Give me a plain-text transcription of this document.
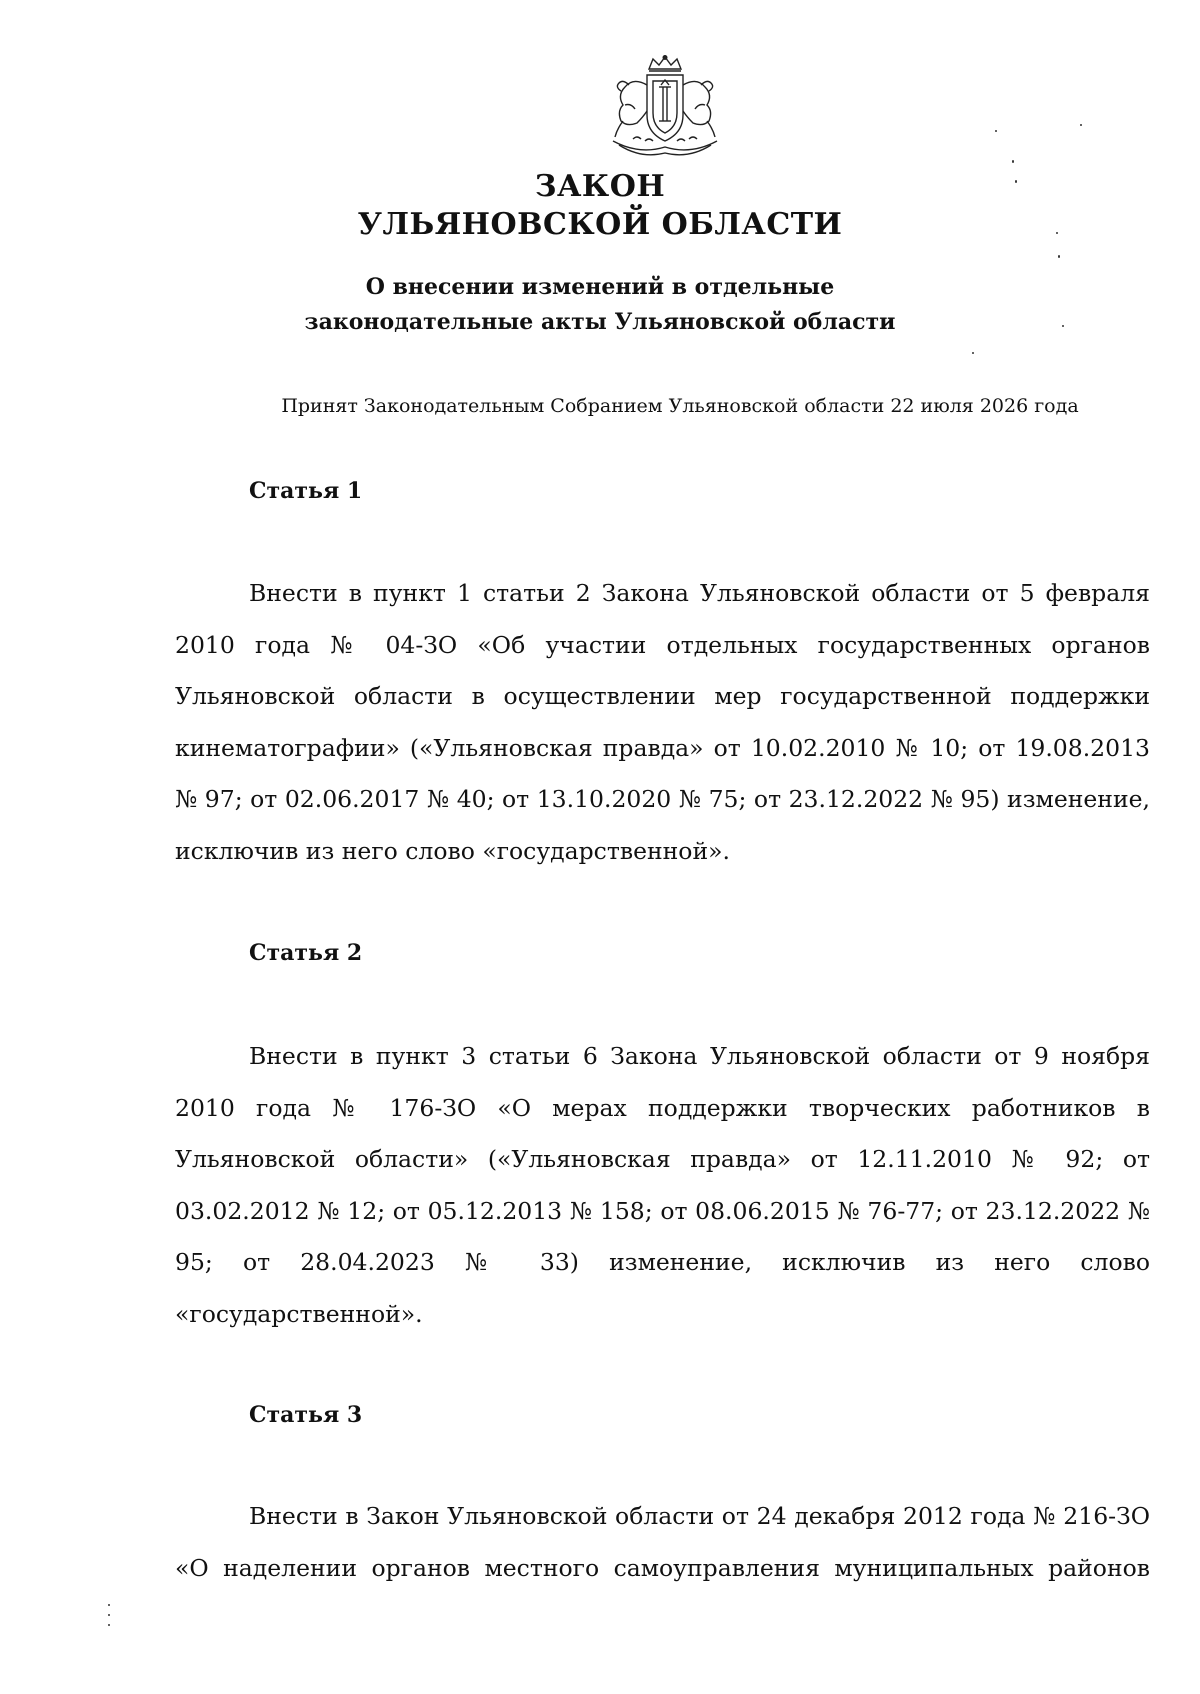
ЗАКОН
УЛЬЯНОВСКОЙ ОБЛАСТИ
О внесении изменений в отдельные
законодательные акты Ульяновской области
Принят Законодательным Собранием Ульяновской области 22 июля 2026 года
Статья 1
Внести в пункт 1 статьи 2 Закона Ульяновской области от 5 февраля 2010 года № 04-ЗО «Об участии отдельных государственных органов Ульяновской области в осуществлении мер государственной поддержки кинематографии» («Ульяновская правда» от 10.02.2010 № 10; от 19.08.2013 № 97; от 02.06.2017 № 40; от 13.10.2020 № 75; от 23.12.2022 № 95) изменение, исключив из него слово «государственной».
Статья 2
Внести в пункт 3 статьи 6 Закона Ульяновской области от 9 ноября 2010 года № 176-ЗО «О мерах поддержки творческих работников в Ульяновской области» («Ульяновская правда» от 12.11.2010 № 92; от 03.02.2012 № 12; от 05.12.2013 № 158; от 08.06.2015 № 76-77; от 23.12.2022 № 95; от 28.04.2023 № 33) изменение, исключив из него слово «государственной».
Статья 3
Внести в Закон Ульяновской области от 24 декабря 2012 года № 216-ЗО «О наделении органов местного самоуправления муниципальных районов
